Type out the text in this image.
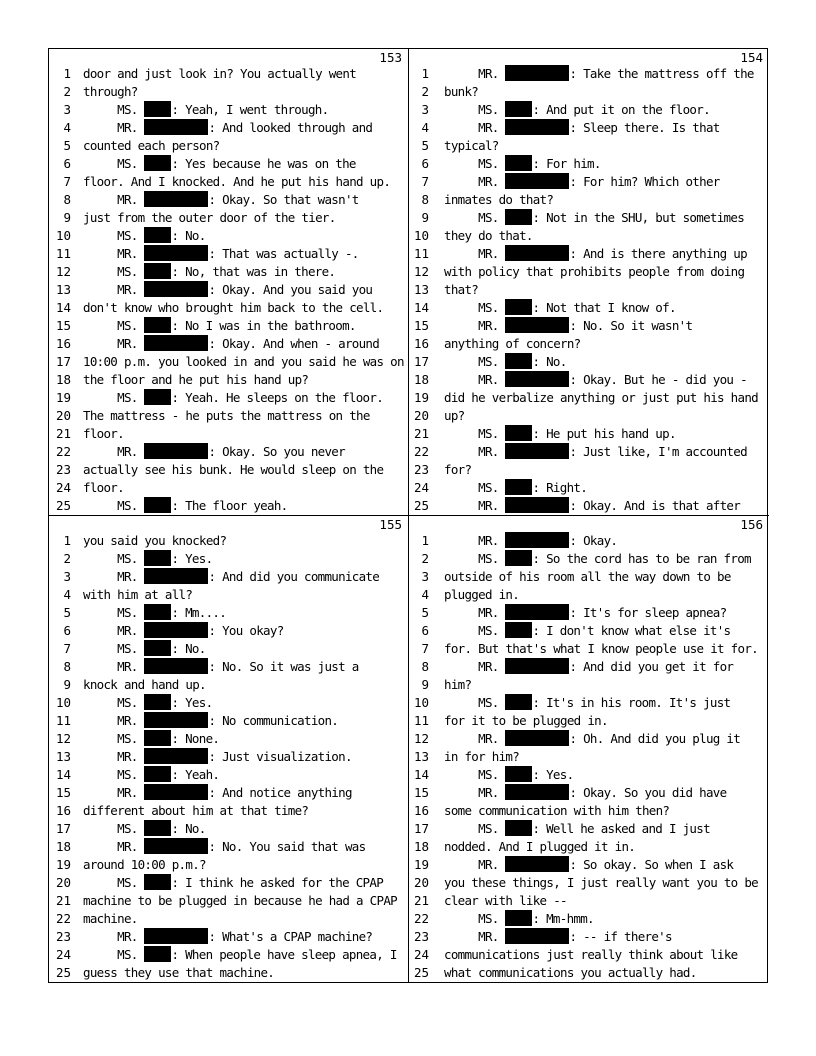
153
1 door and just look in? You actually went
2 through?
3 MS. : Yeah, I went through.
4 MR.	: And looked through and
5 counted each person?
6 MS. : Yes because he was on the
7 floor. And I knocked. And he put his hand up.
8 MR.	: Okay. So that wasn't
9 just from the outer door of the tier.
10 MS. : No.
11 MR.	: That was actually -.
12 MS. : No, that was in there.
13 MR.	: Okay. And you said you
14 don't know who brought him back to the cell.
15 MS. : No I was in the bathroom.
16 MR.	: Okay. And when - around
17 10:00 p.m. you looked in and you said he was on
18 the floor and he put his hand up?
19 MS. : Yeah. He sleeps on the floor.
20 The mattress - he puts the mattress on the
21 floor.
22 MR.	: Okay. So you never
23 actually see his bunk. He would sleep on the
24 floor.
25 MS. : The floor yeah.
154
1 MR.	: Take the mattress off the
2 bunk?
3 MS. : And put it on the floor.
4 MR.	: Sleep there. Is that
5 typical?
6 MS. : For him.
7 MR.	: For him? Which other
8 inmates do that?
9 MS. : Not in the SHU, but sometimes
10 they do that.
11 MR.	: And is there anything up
12 with policy that prohibits people from doing
13 that?
14 MS. : Not that I know of.
15 MR.	: No. So it wasn't
16 anything of concern?
17 MS. : No.
18 MR.	: Okay. But he - did you -
19 did he verbalize anything or just put his hand
20 up?
21 MS. : He put his hand up.
22 MR.	: Just like, I'm accounted
23 for?
24 MS. : Right.
25 MR.	: Okay. And is that after
155
1 you said you knocked?
2 MS. : Yes.
3 MR.	: And did you communicate
4 with him at all?
5 MS. : Mm....
6 MR.	: You okay?
7 MS. : No.
8 MR.	: No. So it was just a
9 knock and hand up.
10 MS. : Yes.
11 MR.	: No communication.
12 MS. : None.
13 MR.	: Just visualization.
14 MS. : Yeah.
15 MR.	: And notice anything
16 different about him at that time?
17 MS. : No.
18 MR.	: No. You said that was
19 around 10:00 p.m.?
20 MS. : I think he asked for the CPAP
21 machine to be plugged in because he had a CPAP
22 machine.
23 MR.	: What's a CPAP machine?
24 MS. : When people have sleep apnea, I
25 guess they use that machine.
156
1 MR.	: Okay.
2 MS. : So the cord has to be ran from
3 outside of his room all the way down to be
4 plugged in.
5 MR.	: It's for sleep apnea?
6 MS. : I don't know what else it's
7 for. But that's what I know people use it for.
8 MR.	: And did you get it for
9 him?
10 MS. : It's in his room. It's just
11 for it to be plugged in.
12 MR.	: Oh. And did you plug it
13 in for him?
14 MS. : Yes.
15 MR.	: Okay. So you did have
16 some communication with him then?
17 MS. : Well he asked and I just
18 nodded. And I plugged it in.
19 MR.	: So okay. So when I ask
20 you these things, I just really want you to be
21 clear with like --
22 MS. : Mm-hmm.
23 MR.	: -- if there's
24 communications just really think about like
25 what communications you actually had.
